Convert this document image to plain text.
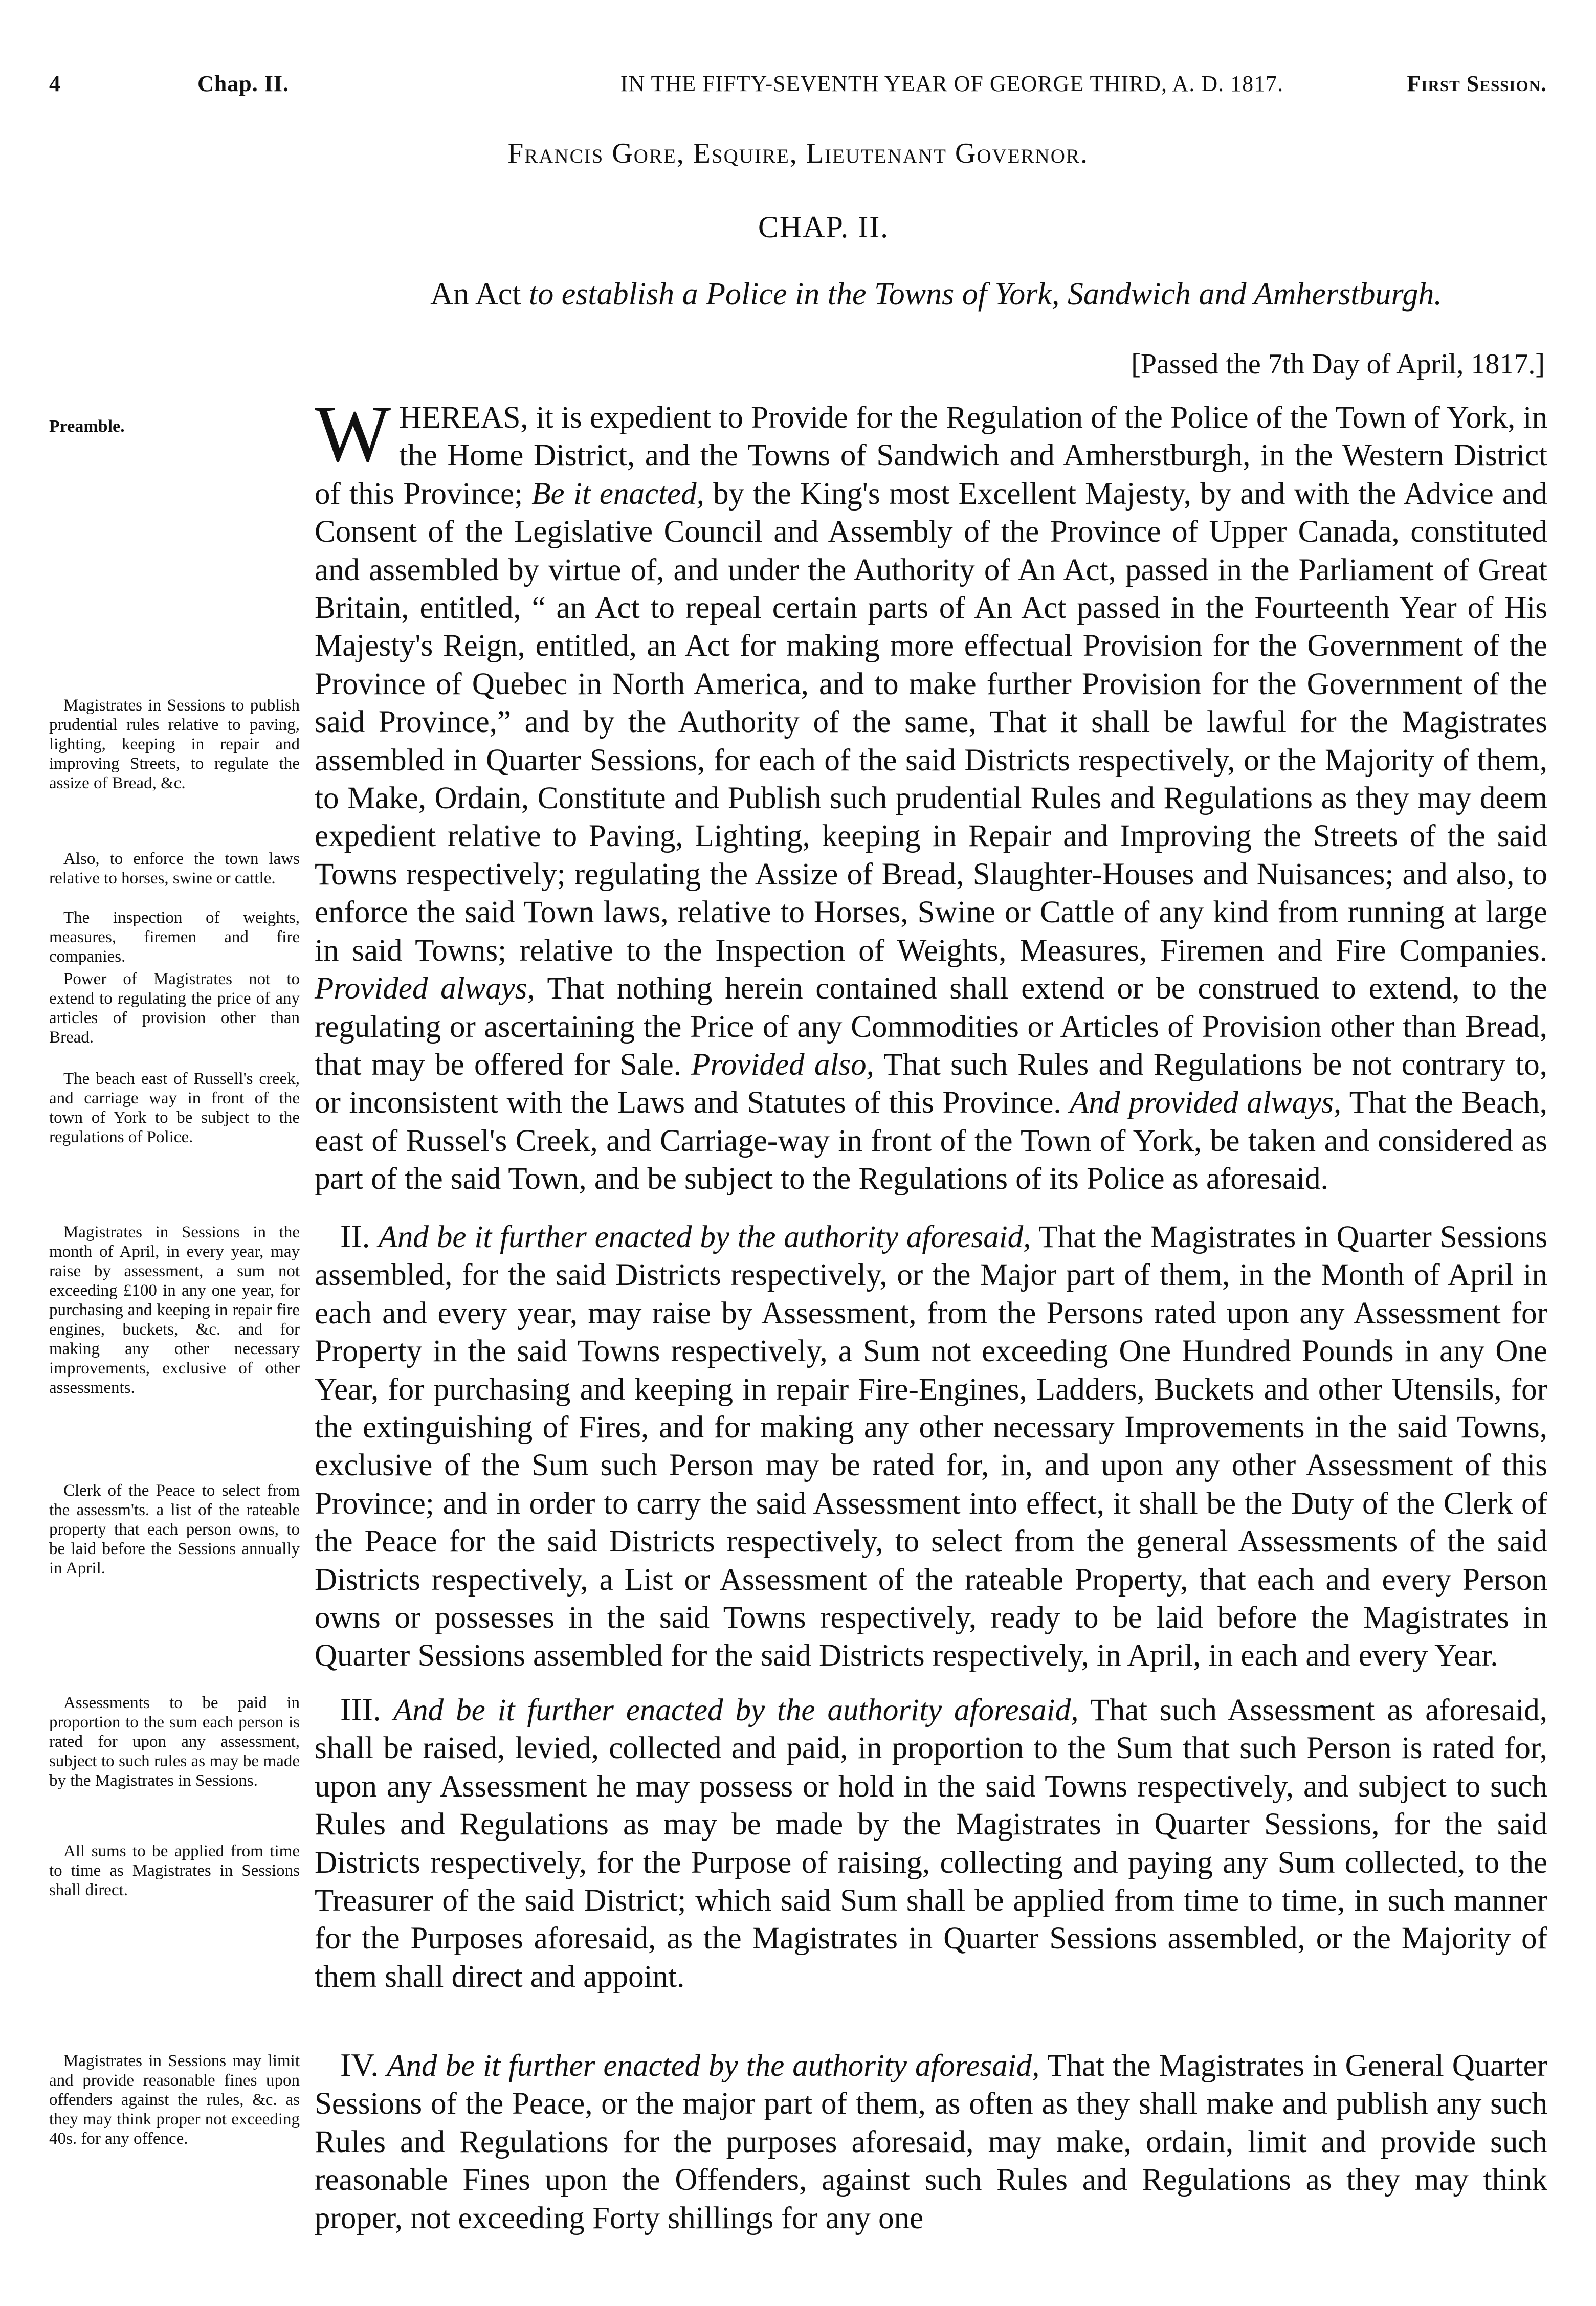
4	Chap. II.	IN THE FIFTY-SEVENTH YEAR OF GEORGE THIRD, A. D. 1817.	First Session.
Francis Gore, Esquire, Lieutenant Governor.
CHAP. II.
An Act to establish a Police in the Towns of York, Sandwich and Amherstburgh.
[Passed the 7th Day of April, 1817.]
Preamble.
Magistrates in Sessions to publish prudential rules relative to paving, lighting, keeping in repair and improving Streets, to regulate the assize of Bread, &c.
Also, to enforce the town laws relative to horses, swine or cattle.
The inspection of weights, measures, firemen and fire companies.
Power of Magistrates not to extend to regulating the price of any articles of provision other than Bread.
The beach east of Russell's creek, and carriage way in front of the town of York to be subject to the regulations of Police.
Magistrates in Sessions in the month of April, in every year, may raise by assessment, a sum not exceeding £100 in any one year, for purchasing and keeping in repair fire engines, buckets, &c. and for making any other necessary improvements, exclusive of other assessments.
Clerk of the Peace to select from the assessm'ts. a list of the rateable property that each person owns, to be laid before the Sessions annually in April.
Assessments to be paid in proportion to the sum each person is rated for upon any assessment, subject to such rules as may be made by the Magistrates in Sessions.
All sums to be applied from time to time as Magistrates in Sessions shall direct.
Magistrates in Sessions may limit and provide reasonable fines upon offenders against the rules, &c. as they may think proper not exceeding 40s. for any offence.
W HEREAS, it is expedient to Provide for the Regulation of the Police of the Town of York, in the Home District, and the Towns of Sandwich and Amherstburgh, in the Western District of this Province; Be it enacted, by the King's most Excellent Majesty, by and with the Advice and Consent of the Legislative Council and Assembly of the Province of Upper Canada, constituted and assembled by virtue of, and under the Authority of An Act, passed in the Parliament of Great Britain, entitled, “ an Act to repeal certain parts of An Act passed in the Fourteenth Year of His Majesty's Reign, entitled, an Act for making more effectual Provision for the Government of the Province of Quebec in North America, and to make further Provision for the Government of the said Province,” and by the Authority of the same, That it shall be lawful for the Magistrates assembled in Quarter Sessions, for each of the said Districts respectively, or the Majority of them, to Make, Ordain, Constitute and Publish such prudential Rules and Regulations as they may deem expedient relative to Paving, Lighting, keeping in Repair and Improving the Streets of the said Towns respectively; regulating the Assize of Bread, Slaughter-Houses and Nuisances; and also, to enforce the said Town laws, relative to Horses, Swine or Cattle of any kind from running at large in said Towns; relative to the Inspection of Weights, Measures, Firemen and Fire Companies. Provided always, That nothing herein contained shall extend or be construed to extend, to the regulating or ascertaining the Price of any Commodities or Articles of Provision other than Bread, that may be offered for Sale. Provided also, That such Rules and Regulations be not contrary to, or inconsistent with the Laws and Statutes of this Province. And provided always, That the Beach, east of Russel's Creek, and Carriage-way in front of the Town of York, be taken and considered as part of the said Town, and be subject to the Regulations of its Police as aforesaid.
II. And be it further enacted by the authority aforesaid, That the Magistrates in Quarter Sessions assembled, for the said Districts respectively, or the Major part of them, in the Month of April in each and every year, may raise by Assessment, from the Persons rated upon any Assessment for Property in the said Towns respectively, a Sum not exceeding One Hundred Pounds in any One Year, for purchasing and keeping in repair Fire-Engines, Ladders, Buckets and other Utensils, for the extinguishing of Fires, and for making any other necessary Improvements in the said Towns, exclusive of the Sum such Person may be rated for, in, and upon any other Assessment of this Province; and in order to carry the said Assessment into effect, it shall be the Duty of the Clerk of the Peace for the said Districts respectively, to select from the general Assessments of the said Districts respectively, a List or Assessment of the rateable Property, that each and every Person owns or possesses in the said Towns respectively, ready to be laid before the Magistrates in Quarter Sessions assembled for the said Districts respectively, in April, in each and every Year.
III. And be it further enacted by the authority aforesaid, That such Assessment as aforesaid, shall be raised, levied, collected and paid, in proportion to the Sum that such Person is rated for, upon any Assessment he may possess or hold in the said Towns respectively, and subject to such Rules and Regulations as may be made by the Magistrates in Quarter Sessions, for the said Districts respectively, for the Purpose of raising, collecting and paying any Sum collected, to the Treasurer of the said District; which said Sum shall be applied from time to time, in such manner for the Purposes aforesaid, as the Magistrates in Quarter Sessions assembled, or the Majority of them shall direct and appoint.
IV. And be it further enacted by the authority aforesaid, That the Magistrates in General Quarter Sessions of the Peace, or the major part of them, as often as they shall make and publish any such Rules and Regulations for the purposes aforesaid, may make, ordain, limit and provide such reasonable Fines upon the Offenders, against such Rules and Regulations as they may think proper, not exceeding Forty shillings for any one
